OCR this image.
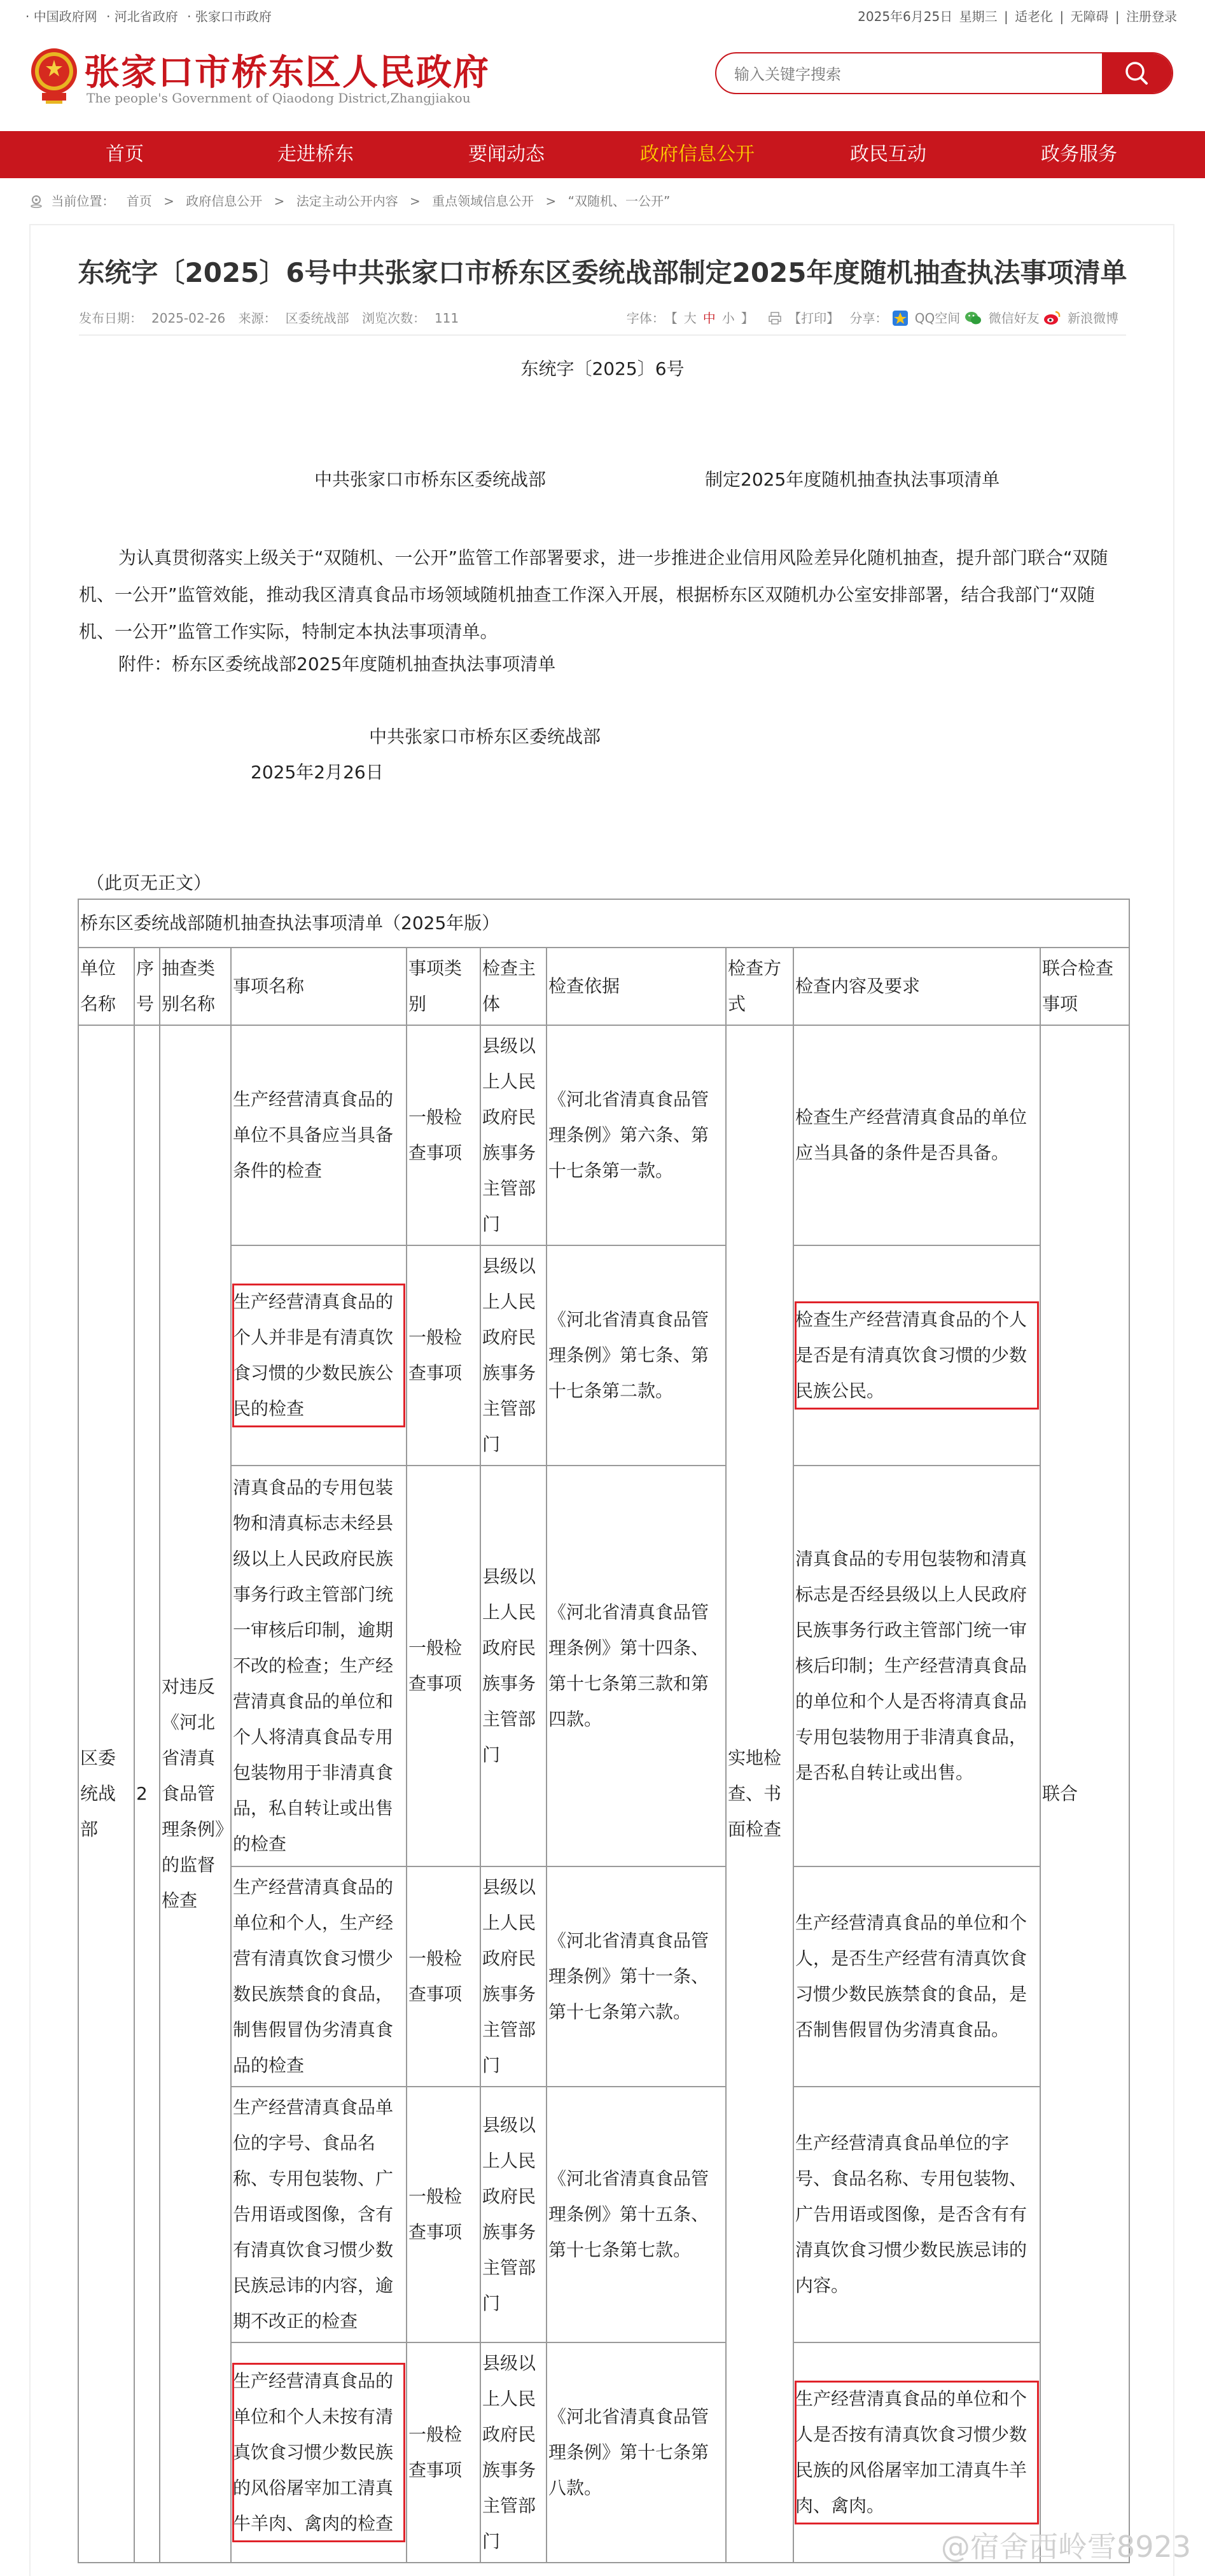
· 中国政府网 · 河北省政府 · 张家口市政府	2025年6月25日 星期三 | 适老化 | 无障碍 | 注册登录
张家口市桥东区人民政府
The people's Government of Qiaodong District,Zhangjiakou
输入关键字搜索
首页	走进桥东	要闻动态	政府信息公开	政民互动	政务服务
当前位置： 首页 > 政府信息公开 > 法定主动公开内容 > 重点领域信息公开 > “双随机、一公开”
东统字〔2025〕6号中共张家口市桥东区委统战部制定2025年度随机抽查执法事项清单
发布日期： 2025-02-26 来源： 区委统战部 浏览次数： 111	字体： 【 大 中 小 】	【打印】 分享： QQ空间 微信好友 新浪微博
东统字〔2025〕6号
中共张家口市桥东区委统战部	制定2025年度随机抽查执法事项清单
为认真贯彻落实上级关于“双随机、一公开”监管工作部署要求，进一步推进企业信用风险差异化随机抽查，提升部门联合“双随机、一公开”监管效能，推动我区清真食品市场领域随机抽查工作深入开展，根据桥东区双随机办公室安排部署，结合我部门“双随机、一公开”监管工作实际，特制定本执法事项清单。
附件：桥东区委统战部2025年度随机抽查执法事项清单
中共张家口市桥东区委统战部
2025年2月26日
（此页无正文）
桥东区委统战部随机抽查执法事项清单（2025年版）									
单位名称	序号	抽查类别名称	事项名称	事项类别	检查主体	检查依据	检查方式	检查内容及要求	联合检查事项
区委统战部	2	对违反《河北省清真食品管理条例》的监督检查	生产经营清真食品的单位不具备应当具备条件的检查	一般检查事项	县级以上人民政府民族事务主管部门	《河北省清真食品管理条例》第六条、第十七条第一款。	实地检查、书面检查	检查生产经营清真食品的单位应当具备的条件是否具备。	联合

			生产经营清真食品的个人并非是有清真饮食习惯的少数民族公民的检查	一般检查事项	县级以上人民政府民族事务主管部门	《河北省清真食品管理条例》第七条、第十七条第二款。		检查生产经营清真食品的个人是否是有清真饮食习惯的少数民族公民。	

			清真食品的专用包装物和清真标志未经县级以上人民政府民族事务行政主管部门统一审核后印制，逾期不改的检查；生产经营清真食品的单位和个人将清真食品专用包装物用于非清真食品，私自转让或出售的检查	一般检查事项	县级以上人民政府民族事务主管部门	《河北省清真食品管理条例》第十四条、第十七条第三款和第四款。		清真食品的专用包装物和清真标志是否经县级以上人民政府民族事务行政主管部门统一审核后印制；生产经营清真食品的单位和个人是否将清真食品专用包装物用于非清真食品，是否私自转让或出售。	
			生产经营清真食品的单位和个人，生产经营有清真饮食习惯少数民族禁食的食品，制售假冒伪劣清真食品的检查	一般检查事项	县级以上人民政府民族事务主管部门	《河北省清真食品管理条例》第十一条、第十七条第六款。		生产经营清真食品的单位和个人，是否生产经营有清真饮食习惯少数民族禁食的食品，是否制售假冒伪劣清真食品。	
			生产经营清真食品单位的字号、食品名称、专用包装物、广告用语或图像，含有有清真饮食习惯少数民族忌讳的内容，逾期不改正的检查	一般检查事项	县级以上人民政府民族事务主管部门	《河北省清真食品管理条例》第十五条、第十七条第七款。		生产经营清真食品单位的字号、食品名称、专用包装物、广告用语或图像，是否含有有清真饮食习惯少数民族忌讳的内容。	

			生产经营清真食品的单位和个人未按有清真饮食习惯少数民族的风俗屠宰加工清真牛羊肉、禽肉的检查	一般检查事项	县级以上人民政府民族事务主管部门	《河北省清真食品管理条例》第十七条第八款。		生产经营清真食品的单位和个人是否按有清真饮食习惯少数民族的风俗屠宰加工清真牛羊肉、禽肉。	
@宿舍西岭雪8923
